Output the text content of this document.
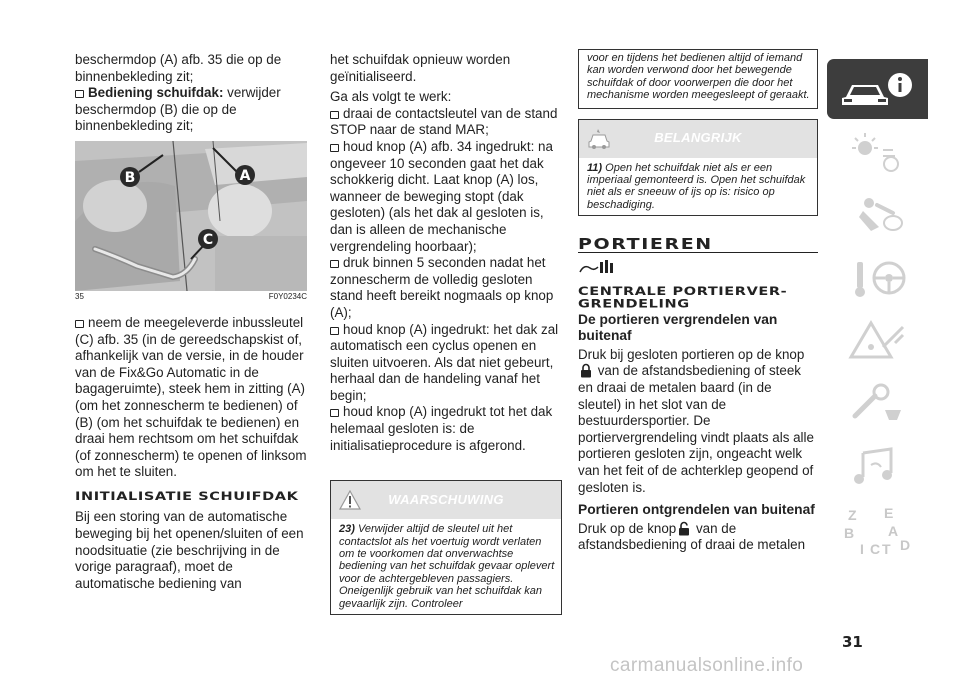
beschermdop (A) afb. 35 die op de binnenbekleding zit;

Bediening schuifdak: verwijder beschermdop (B) die op de binnenbekleding zit;

B	A
C
35	F0Y0234C

neem de meegeleverde inbussleutel (C) afb. 35 (in de gereedschapskist of, afhankelijk van de versie, in de houder van de Fix&Go Automatic in de bagageruimte), steek hem in zitting (A) (om het zonnescherm te bedienen) of (B) (om het schuifdak te bedienen) en draai hem rechtsom om het schuifdak (of zonnescherm) te openen of linksom om het te sluiten.

INITIALISATIE SCHUIFDAK

Bij een storing van de automatische beweging bij het openen/sluiten of een noodsituatie (zie beschrijving in de vorige paragraaf), moet de automatische bediening van

het schuifdak opnieuw worden geïnitialiseerd.

Ga als volgt te werk:

draai de contactsleutel van de stand STOP naar de stand MAR;

houd knop (A) afb. 34 ingedrukt: na ongeveer 10 seconden gaat het dak schokkerig dicht. Laat knop (A) los, wanneer de beweging stopt (dak gesloten) (als het dak al gesloten is, dan is alleen de mechanische vergrendeling hoorbaar);

druk binnen 5 seconden nadat het zonnescherm de volledig gesloten stand heeft bereikt nogmaals op knop (A);

houd knop (A) ingedrukt: het dak zal automatisch een cyclus openen en sluiten uitvoeren. Als dat niet gebeurt, herhaal dan de handeling vanaf het begin;

houd knop (A) ingedrukt tot het dak helemaal gesloten is: de initialisatieprocedure is afgerond.

WAARSCHUWING
23) Verwijder altijd de sleutel uit het contactslot als het voertuig wordt verlaten om te voorkomen dat onverwachtse bediening van het schuifdak gevaar oplevert voor de achtergebleven passagiers. Oneigenlijk gebruik van het schuifdak kan gevaarlijk zijn. Controleer
voor en tijdens het bedienen altijd of iemand kan worden verwond door het bewegende schuifdak of door voorwerpen die door het mechanisme worden meegesleept of geraakt.
BELANGRIJK
11) Open het schuifdak niet als er een imperiaal gemonteerd is. Open het schuifdak niet als er sneeuw of ijs op is: risico op beschadiging.
PORTIEREN
CENTRALE PORTIERVER-GRENDELING
De portieren vergrendelen van buitenaf

Druk bij gesloten portieren op de knop van de afstandsbediening of steek en draai de metalen baard (in de sleutel) in het slot van de bestuurdersportier. De portiervergrendeling vindt plaats als alle portieren gesloten zijn, ongeacht welk van het feit of de achterklep geopend of gesloten is.

Portieren ontgrendelen van buitenaf

Druk op de knop van de afstandsbediening of draai de metalen

Z E
B A
I C T D
31
carmanualsonline.info
